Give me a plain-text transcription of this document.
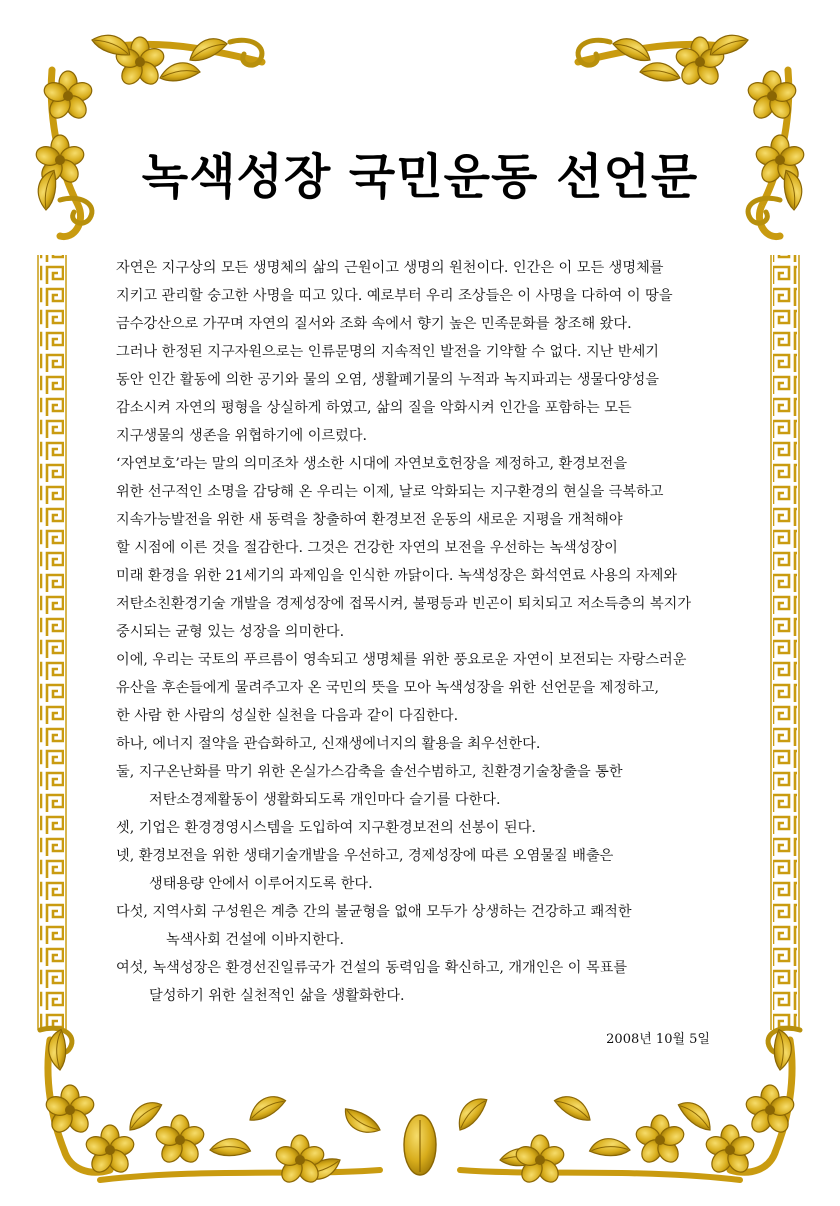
녹색성장 국민운동 선언문
자연은 지구상의 모든 생명체의 삶의 근원이고 생명의 원천이다. 인간은 이 모든 생명체를
지키고 관리할 숭고한 사명을 띠고 있다. 예로부터 우리 조상들은 이 사명을 다하여 이 땅을
금수강산으로 가꾸며 자연의 질서와 조화 속에서 향기 높은 민족문화를 창조해 왔다.
그러나 한정된 지구자원으로는 인류문명의 지속적인 발전을 기약할 수 없다. 지난 반세기
동안 인간 활동에 의한 공기와 물의 오염, 생활폐기물의 누적과 녹지파괴는 생물다양성을
감소시켜 자연의 평형을 상실하게 하였고, 삶의 질을 악화시켜 인간을 포함하는 모든
지구생물의 생존을 위협하기에 이르렀다.
‘자연보호’라는 말의 의미조차 생소한 시대에 자연보호헌장을 제정하고, 환경보전을
위한 선구적인 소명을 감당해 온 우리는 이제, 날로 악화되는 지구환경의 현실을 극복하고
지속가능발전을 위한 새 동력을 창출하여 환경보전 운동의 새로운 지평을 개척해야
할 시점에 이른 것을 절감한다. 그것은 건강한 자연의 보전을 우선하는 녹색성장이
미래 환경을 위한 21세기의 과제임을 인식한 까닭이다. 녹색성장은 화석연료 사용의 자제와
저탄소친환경기술 개발을 경제성장에 접목시켜, 불평등과 빈곤이 퇴치되고 저소득층의 복지가
중시되는 균형 있는 성장을 의미한다.
이에, 우리는 국토의 푸르름이 영속되고 생명체를 위한 풍요로운 자연이 보전되는 자랑스러운
유산을 후손들에게 물려주고자 온 국민의 뜻을 모아 녹색성장을 위한 선언문을 제정하고,
한 사람 한 사람의 성실한 실천을 다음과 같이 다짐한다.
하나, 에너지 절약을 관습화하고, 신재생에너지의 활용을 최우선한다.
둘, 지구온난화를 막기 위한 온실가스감축을 솔선수범하고, 친환경기술창출을 통한
저탄소경제활동이 생활화되도록 개인마다 슬기를 다한다.
셋, 기업은 환경경영시스템을 도입하여 지구환경보전의 선봉이 된다.
넷, 환경보전을 위한 생태기술개발을 우선하고, 경제성장에 따른 오염물질 배출은
생태용량 안에서 이루어지도록 한다.
다섯, 지역사회 구성원은 계층 간의 불균형을 없애 모두가 상생하는 건강하고 쾌적한
녹색사회 건설에 이바지한다.
여섯, 녹색성장은 환경선진일류국가 건설의 동력임을 확신하고, 개개인은 이 목표를
달성하기 위한 실천적인 삶을 생활화한다.
2008년 10월 5일
